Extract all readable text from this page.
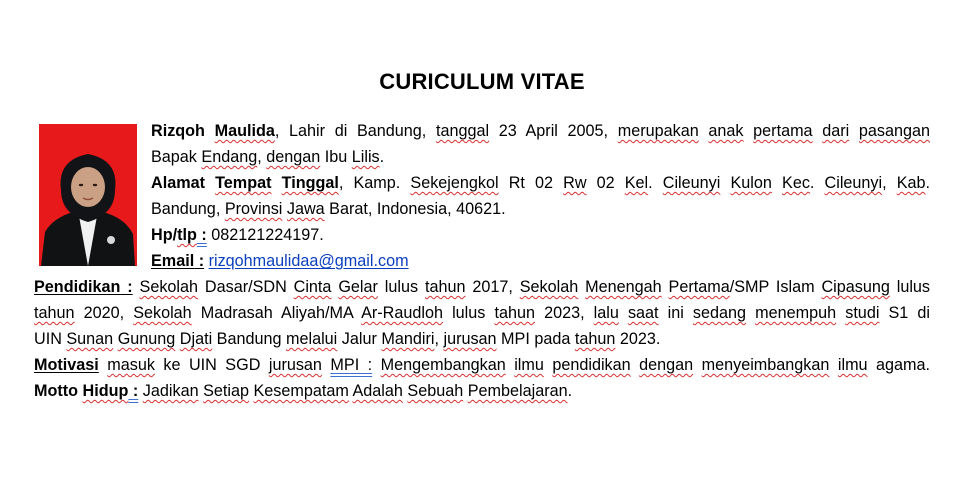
CURICULUM VITAE
Rizqoh Maulida, Lahir di Bandung, tanggal 23 April 2005, merupakan anak pertama dari pasangan
Bapak Endang, dengan Ibu Lilis.
Alamat Tempat Tinggal, Kamp. Sekejengkol Rt 02 Rw 02 Kel. Cileunyi Kulon Kec. Cileunyi, Kab.
Bandung, Provinsi Jawa Barat, Indonesia, 40621.
Hp/tlp : 082121224197.
Email : rizqohmaulidaa@gmail.com
Pendidikan : Sekolah Dasar/SDN Cinta Gelar lulus tahun 2017, Sekolah Menengah Pertama/SMP Islam Cipasung lulus
tahun 2020, Sekolah Madrasah Aliyah/MA Ar-Raudloh lulus tahun 2023, lalu saat ini sedang menempuh studi S1 di
UIN Sunan Gunung Djati Bandung melalui Jalur Mandiri, jurusan MPI pada tahun 2023.
Motivasi masuk ke UIN SGD jurusan MPI : Mengembangkan ilmu pendidikan dengan menyeimbangkan ilmu agama.
Motto Hidup : Jadikan Setiap Kesempatam Adalah Sebuah Pembelajaran.
